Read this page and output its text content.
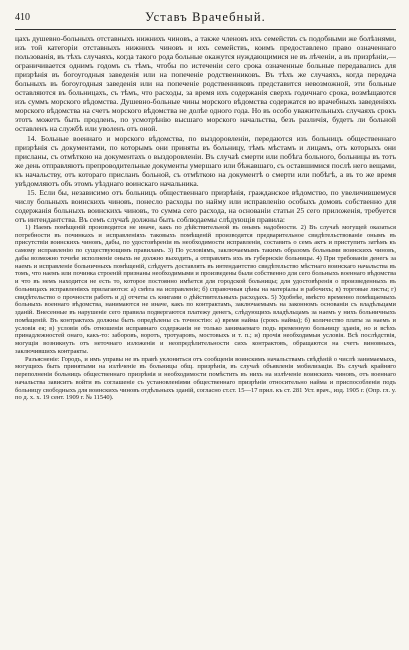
410	Уставъ Врачебный.

цахъ душевно-больныхъ отставныхъ нижнихъ чиновъ, а также членовъ ихъ семействъ съ подобными же болѣзнями, изъ той категоріи отставныхъ нижнихъ чиновъ и ихъ семействъ, коимъ предоставлено право означеннаго пользованія, въ тѣхъ случаяхъ, когда такого рода больные окажутся нуждающимися не въ лѣченіи, а въ призрѣніи,— ограничивается однимъ годомъ съ тѣмъ, чтобы по истеченіи сего срока означенные больные передавались для призрѣнія въ богоугодныя заведенія или на попеченіе родственниковъ. Въ тѣхъ же случаяхъ, когда передача больныхъ въ богоугодныя заведенія или на попеченіе родственниковъ представится невозможной, эти больные оставляются въ больницахъ, съ тѣмъ, что расходы, за время ихъ содержанія сверхъ годичнаго срока, возмѣщаются изъ суммъ морского вѣдомства. Душевно-больные чины морского вѣдомства содержатся во врачебныхъ заведеніяхъ морского вѣдомства на счетъ морского вѣдомства не долѣе одного года. Но въ особо уважительныхъ случаяхъ срокъ этотъ можетъ быть продленъ, по усмотрѣнію высшаго морского начальства, безъ различія, будетъ ли больной оставленъ на службѣ или уволенъ отъ оной.

14. Больные военнаго и морского вѣдомства, по выздоровленіи, передаются изъ больницъ общественнаго призрѣнія съ документами, по которымъ они приняты въ больницу, тѣмъ мѣстамъ и лицамъ, отъ которыхъ они присланы, съ отмѣткою на документахъ о выздоровленіи. Въ случаѣ смерти или побѣга больного, больницы въ тотъ же день отправляютъ препроводительные документы умершаго или бѣжавшаго, съ оставшимися послѣ него вещами, къ начальству, отъ котораго присланъ больной, съ отмѣткою на документѣ о смерти или побѣгѣ, а въ то же время увѣдомляютъ объ этомъ уѣзднаго воинскаго начальника.

15. Если бы, независимо отъ больницъ общественнаго призрѣнія, гражданское вѣдомство, по увеличившемуся числу больныхъ воинскихъ чиновъ, понесло расходы по найму или исправленію особыхъ домовъ собственно для содержанія больныхъ воинскихъ чиновъ, то сумма сего расхода, на основаніи статьи 25 сего приложенія, требуется отъ интендантства. Въ семъ случаѣ должны быть соблюдаемы слѣдующія правила:

1) Наемъ помѣщеній производится не иначе, какъ по дѣйствительной въ онымъ надобности. 2) Въ случаѣ могущей оказаться потребности въ починкахъ и исправленіяхъ таковыхъ помѣщеній производятся предварительное свидѣтельствованіе онымъ въ присутствіи воинскихъ чиновъ, дабы, по удостовѣреніи въ необходимости исправленія, составить о семъ актъ и приступить затѣмъ къ самому исправленію по существующимъ правиламъ. 3) По условіямъ, заключаемымъ такимъ образомъ больными воинскихъ чиновъ, дабы возможно точнѣе исполненіе оныхъ не должно выходить, а отправлять ихъ въ губернскіе больницы. 4) При требованіи денегъ за наемъ и исправленіе больничныхъ помѣщеній, слѣдуетъ доставлять въ интендантство свидѣтельство мѣстнаго воинскаго начальства въ томъ, что наемъ или починка строеній признаны необходимыми и произведены были собственно для сего больныхъ военнаго вѣдомства и что въ немъ находится не есть то, которое постоянно имѣется для городской больницы; для удостовѣренія о произведенныхъ въ больницахъ исправленіяхъ прилагаются: а) смѣта на исправленіе; б) справочныя цѣны на матеріалы и рабочихъ; в) торговые листы; г) свидѣтельство о прочности работъ и д) отчеты съ книгами о дѣйствительныхъ расходахъ. 5) Удобнѣе, вмѣсто временно помѣщаемыхъ больныхъ военнаго вѣдомства, нанимаются не иначе, какъ по контрактамъ, заключаемымъ на законномъ основаніи съ владѣльцами зданій. Внесенные въ нарушеніе сего правила подвергаются платежу денегъ, слѣдующихъ владѣльцамъ за наемъ у нихъ больничныхъ помѣщеній. Въ контрактахъ должны быть опредѣлены съ точностію: а) время найма (срокъ найма); б) количество платы за наемъ и условія ея; в) условія объ отношеніи исправнаго содержанія не только занимаемаго подъ временную больницу зданія, но и всѣхъ принадлежностей онаго, какъ-то: заборовъ, воротъ, тротуаровъ, мостовыхъ и т. п.; и) прочія необходимыя условія. Всѣ послѣдствія, могущія возникнуть отъ неточнаго изложенія и неопредѣлительности сихъ контрактовъ, обращаются на счетъ виновныхъ, заключившихъ контракты.

Разъясненіе: Городъ, и имъ управы не въ правѣ уклониться отъ сообщенія воинскимъ начальствамъ свѣдѣній о числѣ занимаемыхъ, могущихъ быть принятыми на излѣченіе въ больницы общ. призрѣнія, въ случаѣ объявленія мобилизаціи. Въ случаѣ крайняго переполненія больницъ общественнаго призрѣнія и необходимости помѣстить въ нихъ на излѣченіе воинскихъ чиновъ, отъ военнаго начальства зависитъ войти въ соглашеніе съ установленіями общественнаго призрѣнія относительно найма и приспособленія подъ больницу свободныхъ для воинскихъ чиновъ отдѣльныхъ зданій, согласно ст.ст. 15—17 прил. къ ст. 281 Уст. врач., изд. 1905 г. (Опр. гл. у. по д. х. х. 19 сент. 1909 г. № 11540).
